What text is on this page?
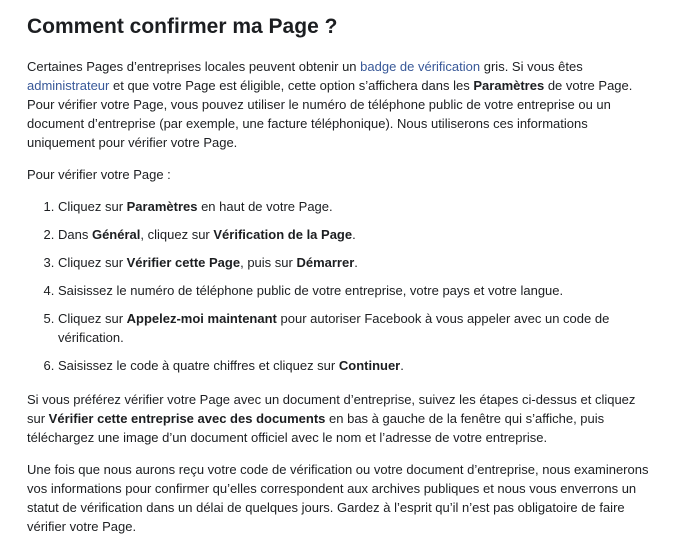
Comment confirmer ma Page ?

Certaines Pages d’entreprises locales peuvent obtenir un badge de vérification gris. Si vous êtes administrateur et que votre Page est éligible, cette option s’affichera dans les Paramètres de votre Page. Pour vérifier votre Page, vous pouvez utiliser le numéro de téléphone public de votre entreprise ou un document d’entreprise (par exemple, une facture téléphonique). Nous utiliserons ces informations uniquement pour vérifier votre Page.

Pour vérifier votre Page :

1. Cliquez sur Paramètres en haut de votre Page.
2. Dans Général, cliquez sur Vérification de la Page.
3. Cliquez sur Vérifier cette Page, puis sur Démarrer.
4. Saisissez le numéro de téléphone public de votre entreprise, votre pays et votre langue.
5. Cliquez sur Appelez-moi maintenant pour autoriser Facebook à vous appeler avec un code de vérification.
6. Saisissez le code à quatre chiffres et cliquez sur Continuer.

Si vous préférez vérifier votre Page avec un document d’entreprise, suivez les étapes ci-dessus et cliquez sur Vérifier cette entreprise avec des documents en bas à gauche de la fenêtre qui s’affiche, puis téléchargez une image d’un document officiel avec le nom et l’adresse de votre entreprise.

Une fois que nous aurons reçu votre code de vérification ou votre document d’entreprise, nous examinerons vos informations pour confirmer qu’elles correspondent aux archives publiques et nous vous enverrons un statut de vérification dans un délai de quelques jours. Gardez à l’esprit qu’il n’est pas obligatoire de faire vérifier votre Page.
